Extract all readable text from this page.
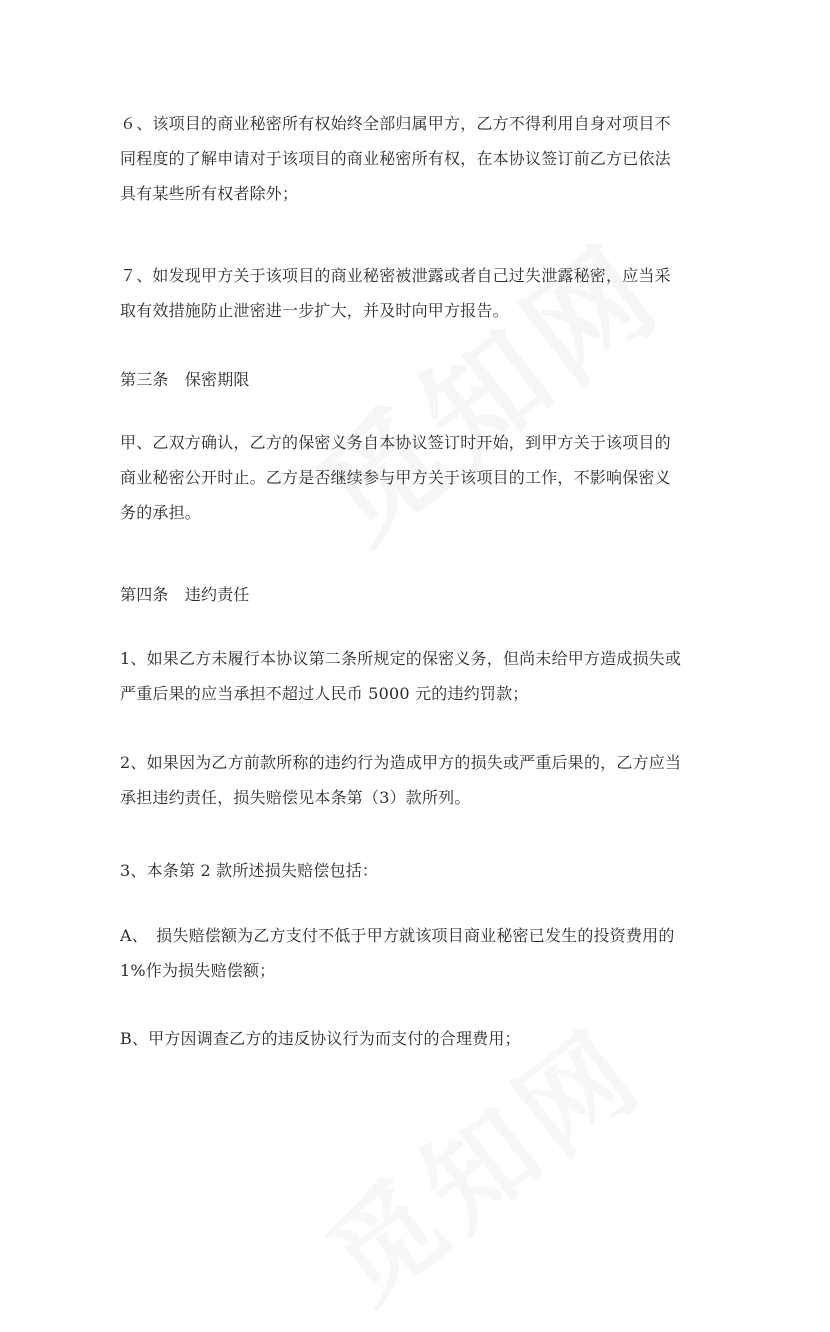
６、该项目的商业秘密所有权始终全部归属甲方，乙方不得利用自身对项目不
同程度的了解申请对于该项目的商业秘密所有权，在本协议签订前乙方已依法
具有某些所有权者除外；
７、如发现甲方关于该项目的商业秘密被泄露或者自己过失泄露秘密，应当采
取有效措施防止泄密进一步扩大，并及时向甲方报告。
第三条　保密期限
甲、乙双方确认，乙方的保密义务自本协议签订时开始，到甲方关于该项目的
商业秘密公开时止。乙方是否继续参与甲方关于该项目的工作，不影响保密义
务的承担。
第四条　违约责任
1、如果乙方未履行本协议第二条所规定的保密义务，但尚未给甲方造成损失或
严重后果的应当承担不超过人民币 5000 元的违约罚款；
2、如果因为乙方前款所称的违约行为造成甲方的损失或严重后果的，乙方应当
承担违约责任，损失赔偿见本条第（3）款所列。
3、本条第 2 款所述损失赔偿包括：
A、　损失赔偿额为乙方支付不低于甲方就该项目商业秘密已发生的投资费用的
1%作为损失赔偿额；
B、甲方因调查乙方的违反协议行为而支付的合理费用；
